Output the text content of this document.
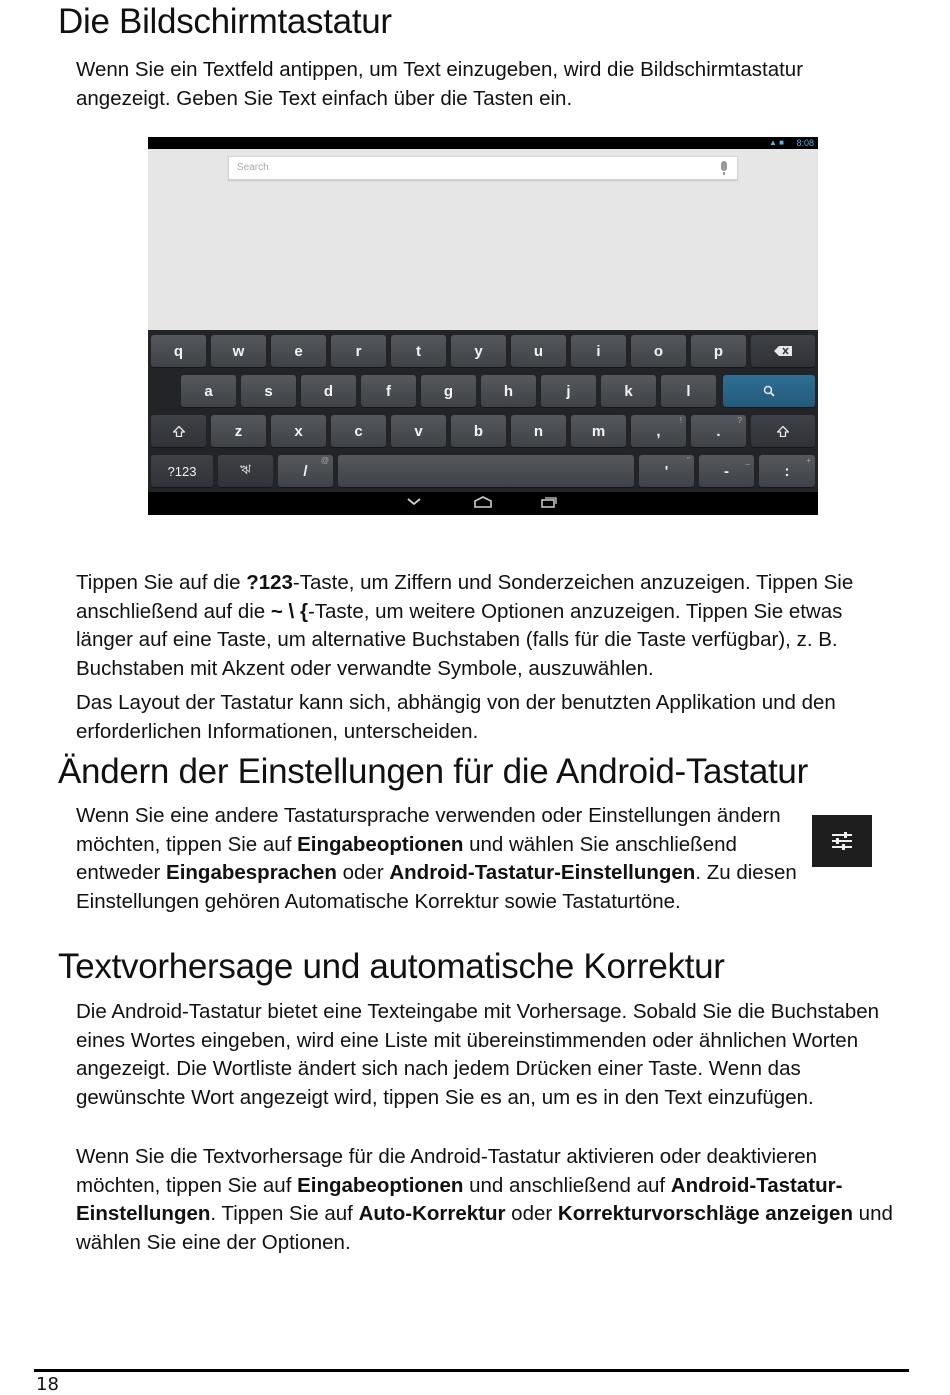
Die Bildschirmtastatur

Wenn Sie ein Textfeld antippen, um Text einzugeben, wird die Bildschirmtastatur angezeigt. Geben Sie Text einfach über die Tasten ein.

▲ ■ 8:08
Search
q	w	e	r	t	y	u	i	o	p
a	s	d	f	g	h	j	k	l
z	x	c	v	b	n	m	,
!
.
?
?123	ঋ	/
@
'
"
-
_
:
+

Tippen Sie auf die ?123-Taste, um Ziffern und Sonderzeichen anzuzeigen. Tippen Sie anschließend auf die ~ \ {-Taste, um weitere Optionen anzuzeigen. Tippen Sie etwas länger auf eine Taste, um alternative Buchstaben (falls für die Taste verfügbar), z. B. Buchstaben mit Akzent oder verwandte Symbole, auszuwählen.

Das Layout der Tastatur kann sich, abhängig von der benutzten Applikation und den erforderlichen Informationen, unterscheiden.

Ändern der Einstellungen für die Android-Tastatur

Wenn Sie eine andere Tastatursprache verwenden oder Einstellungen ändern möchten, tippen Sie auf Eingabeoptionen und wählen Sie anschließend entweder Eingabesprachen oder Android-Tastatur-Einstellungen. Zu diesen Einstellungen gehören Automatische Korrektur sowie Tastaturtöne.

Textvorhersage und automatische Korrektur

Die Android-Tastatur bietet eine Texteingabe mit Vorhersage. Sobald Sie die Buchstaben eines Wortes eingeben, wird eine Liste mit übereinstimmenden oder ähnlichen Worten angezeigt. Die Wortliste ändert sich nach jedem Drücken einer Taste. Wenn das gewünschte Wort angezeigt wird, tippen Sie es an, um es in den Text einzufügen.

Wenn Sie die Textvorhersage für die Android-Tastatur aktivieren oder deaktivieren möchten, tippen Sie auf Eingabeoptionen und anschließend auf Android-Tastatur-Einstellungen. Tippen Sie auf Auto-Korrektur oder Korrekturvorschläge anzeigen und wählen Sie eine der Optionen.

18
